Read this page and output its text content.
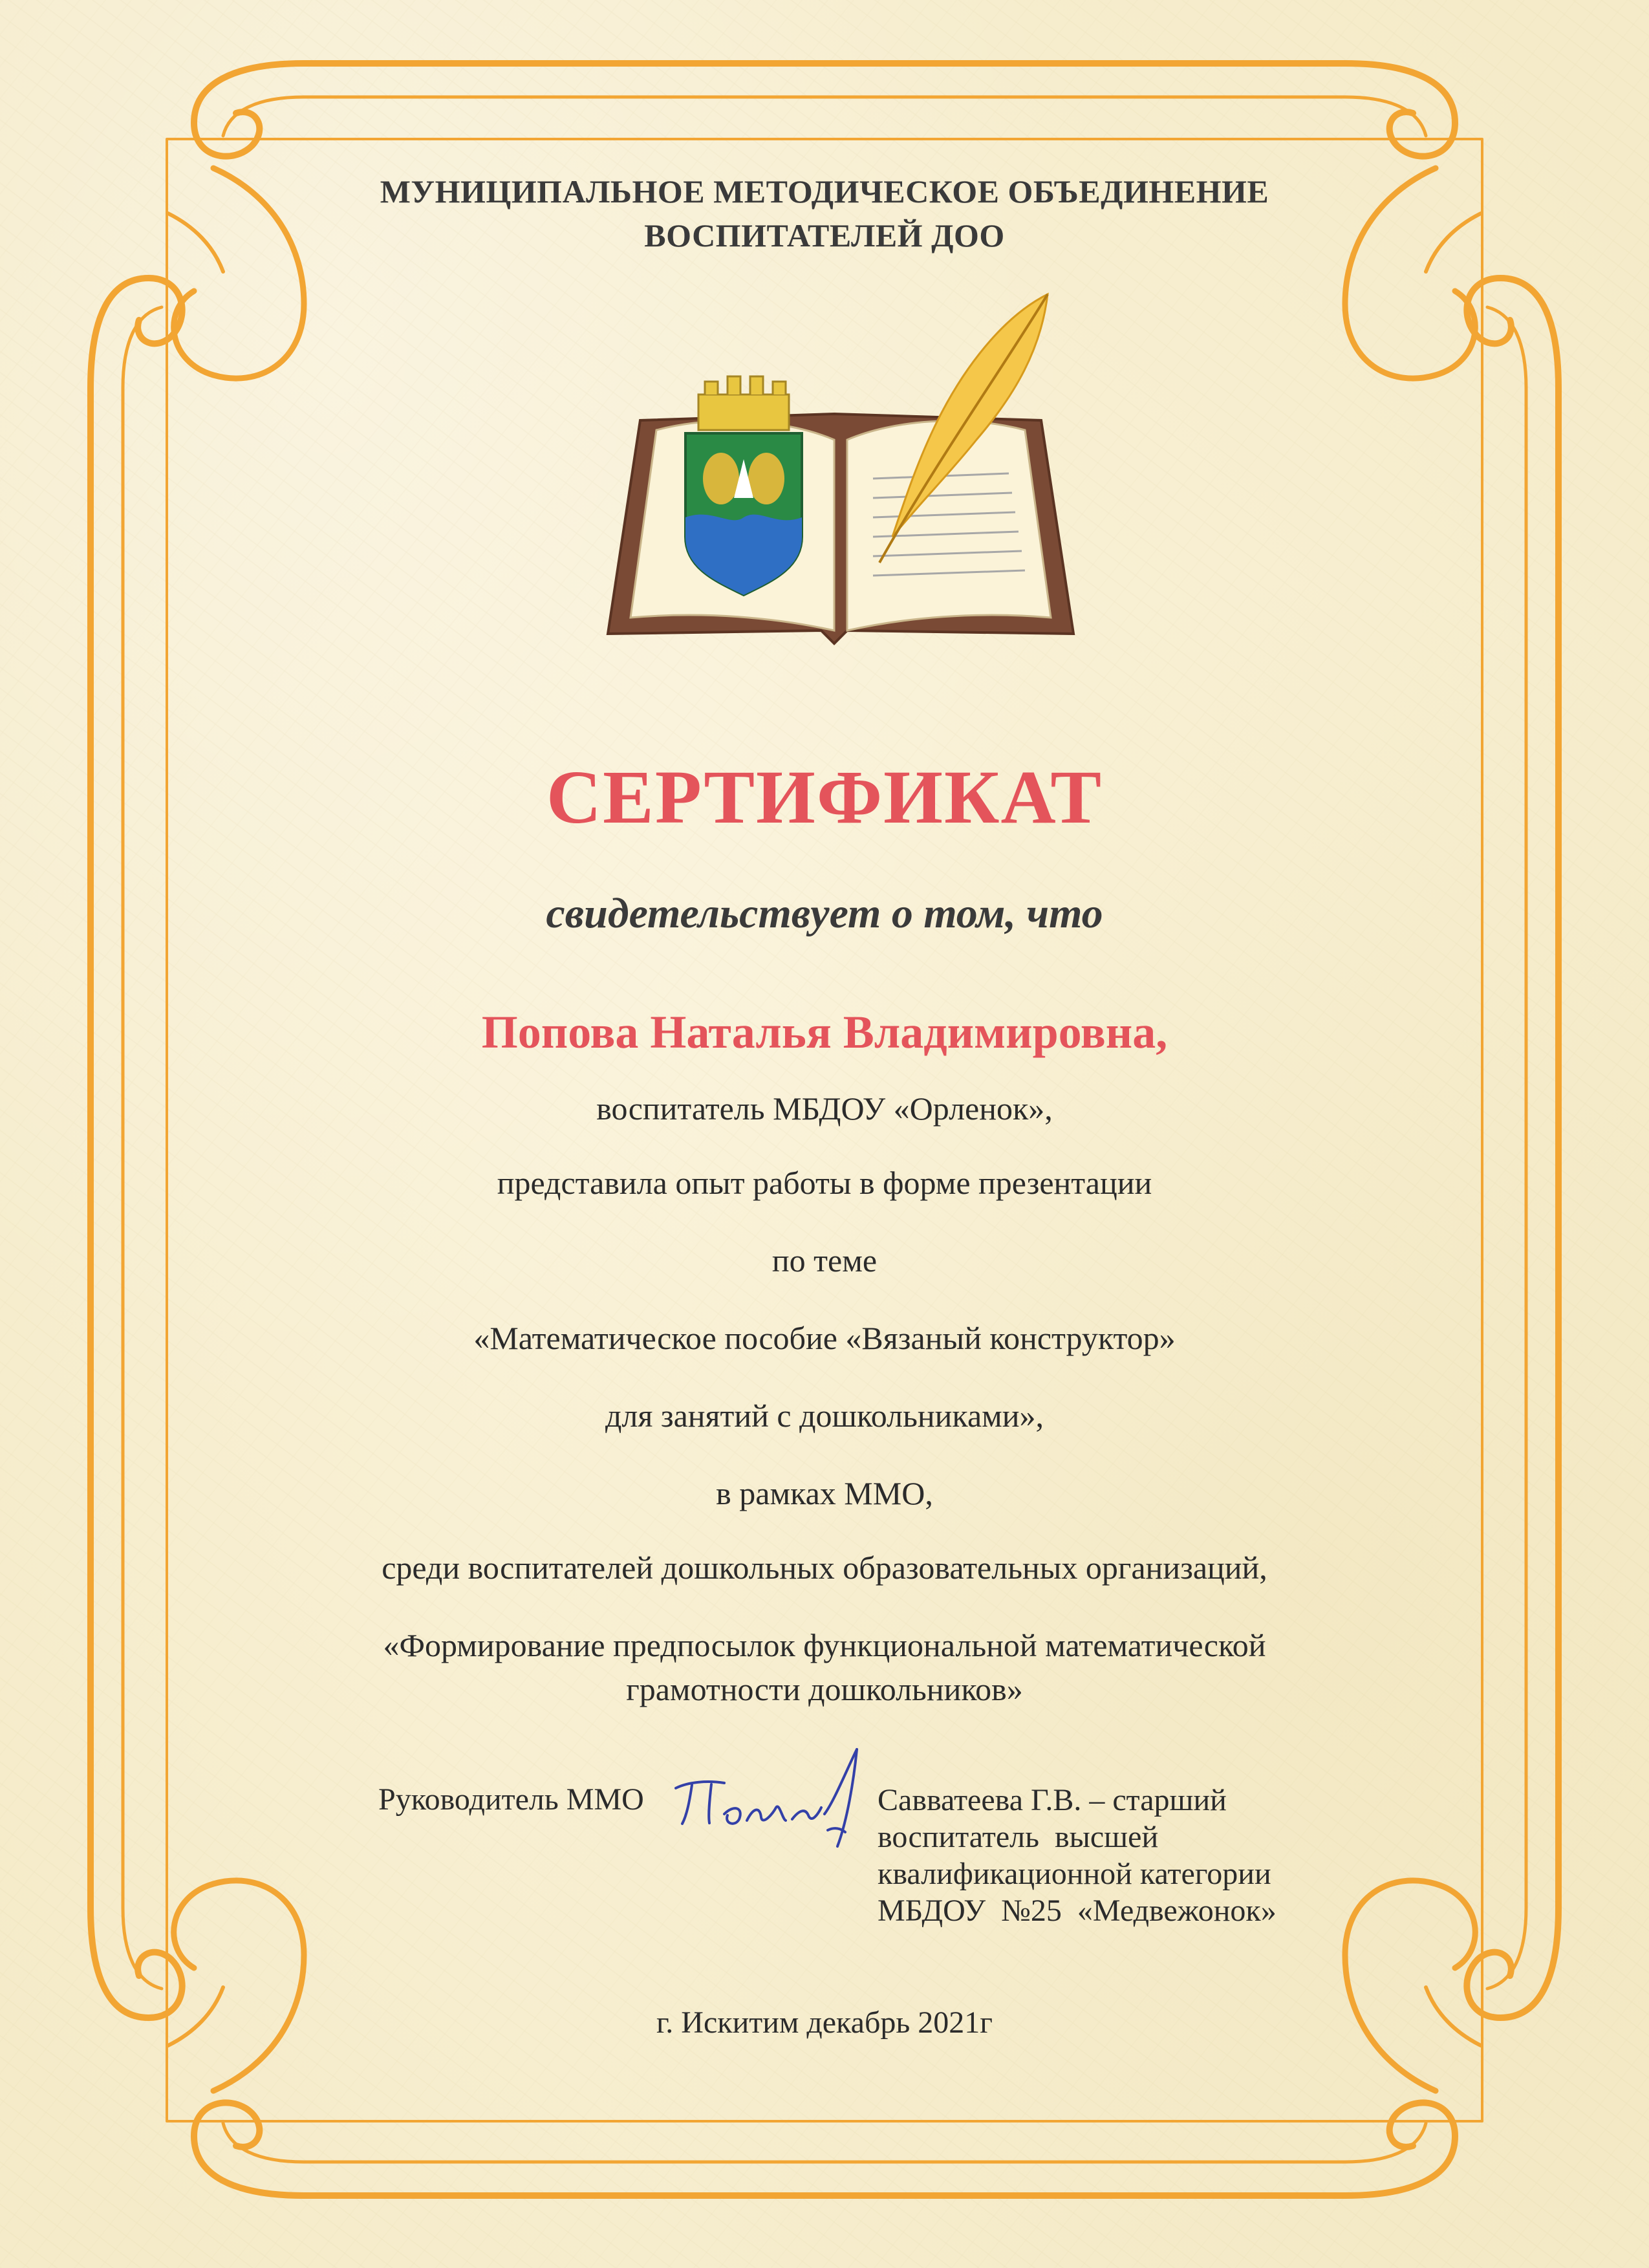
МУНИЦИПАЛЬНОЕ МЕТОДИЧЕСКОЕ ОБЪЕДИНЕНИЕ
ВОСПИТАТЕЛЕЙ ДОО
СЕРТИФИКАТ
свидетельствует о том, что
Попова Наталья Владимировна,
воспитатель МБДОУ «Орленок»,
представила опыт работы в форме презентации
по теме
«Математическое пособие «Вязаный конструктор»
для занятий с дошкольниками»,
в рамках ММО,
среди воспитателей дошкольных образовательных организаций,
«Формирование предпосылок функциональной математической
грамотности дошкольников»
Руководитель ММО	Савватеева Г.В. – старший
воспитатель  высшей
квалификационной категории
МБДОУ  №25  «Медвежонок»
г. Искитим декабрь 2021г
